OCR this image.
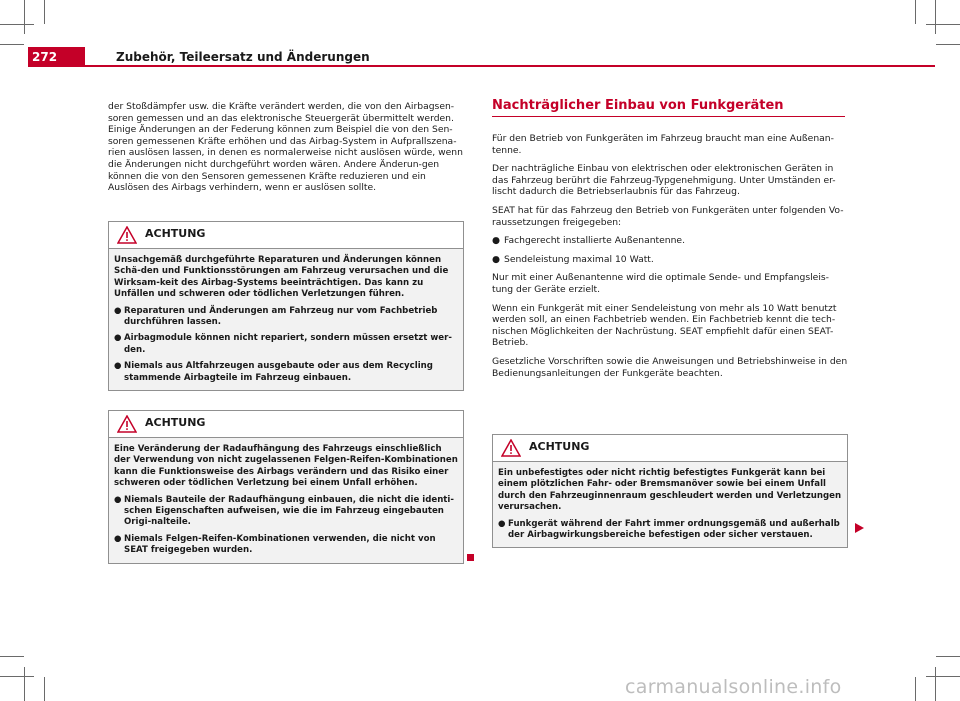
272	Zubehör, Teileersatz und Änderungen
der Stoßdämpfer usw. die Kräfte verändert werden, die von den Airbagsen-soren gemessen und an das elektronische Steuergerät übermittelt werden. Einige Änderungen an der Federung können zum Beispiel die von den Sen-soren gemessenen Kräfte erhöhen und das Airbag-System in Aufprallszena-rien auslösen lassen, in denen es normalerweise nicht auslösen würde, wenn die Änderungen nicht durchgeführt worden wären. Andere Änderun-gen können die von den Sensoren gemessenen Kräfte reduzieren und ein Auslösen des Airbags verhindern, wenn er auslösen sollte.
ACHTUNG
Unsachgemäß durchgeführte Reparaturen und Änderungen können Schä-den und Funktionsstörungen am Fahrzeug verursachen und die Wirksam-keit des Airbag-Systems beeinträchtigen. Das kann zu Unfällen und schweren oder tödlichen Verletzungen führen.
● Reparaturen und Änderungen am Fahrzeug nur vom Fachbetrieb durchführen lassen.
● Airbagmodule können nicht repariert, sondern müssen ersetzt wer-den.
● Niemals aus Altfahrzeugen ausgebaute oder aus dem Recycling stammende Airbagteile im Fahrzeug einbauen.
ACHTUNG
Eine Veränderung der Radaufhängung des Fahrzeugs einschließlich der Verwendung von nicht zugelassenen Felgen-Reifen-Kombinationen kann die Funktionsweise des Airbags verändern und das Risiko einer schweren oder tödlichen Verletzung bei einem Unfall erhöhen.
● Niemals Bauteile der Radaufhängung einbauen, die nicht die identi-schen Eigenschaften aufweisen, wie die im Fahrzeug eingebauten Origi-nalteile.
● Niemals Felgen-Reifen-Kombinationen verwenden, die nicht von SEAT freigegeben wurden.
Nachträglicher Einbau von Funkgeräten
Für den Betrieb von Funkgeräten im Fahrzeug braucht man eine Außenan-tenne.
Der nachträgliche Einbau von elektrischen oder elektronischen Geräten in das Fahrzeug berührt die Fahrzeug-Typgenehmigung. Unter Umständen er-lischt dadurch die Betriebserlaubnis für das Fahrzeug.
SEAT hat für das Fahrzeug den Betrieb von Funkgeräten unter folgenden Vo-raussetzungen freigegeben:
● Fachgerecht installierte Außenantenne.
● Sendeleistung maximal 10 Watt.
Nur mit einer Außenantenne wird die optimale Sende- und Empfangsleis-tung der Geräte erzielt.
Wenn ein Funkgerät mit einer Sendeleistung von mehr als 10 Watt benutzt werden soll, an einen Fachbetrieb wenden. Ein Fachbetrieb kennt die tech-nischen Möglichkeiten der Nachrüstung. SEAT empfiehlt dafür einen SEAT-Betrieb.
Gesetzliche Vorschriften sowie die Anweisungen und Betriebshinweise in den Bedienungsanleitungen der Funkgeräte beachten.
ACHTUNG
Ein unbefestigtes oder nicht richtig befestigtes Funkgerät kann bei einem plötzlichen Fahr- oder Bremsmanöver sowie bei einem Unfall durch den Fahrzeuginnenraum geschleudert werden und Verletzungen verursachen.
● Funkgerät während der Fahrt immer ordnungsgemäß und außerhalb der Airbagwirkungsbereiche befestigen oder sicher verstauen.
carmanualsonline.info
